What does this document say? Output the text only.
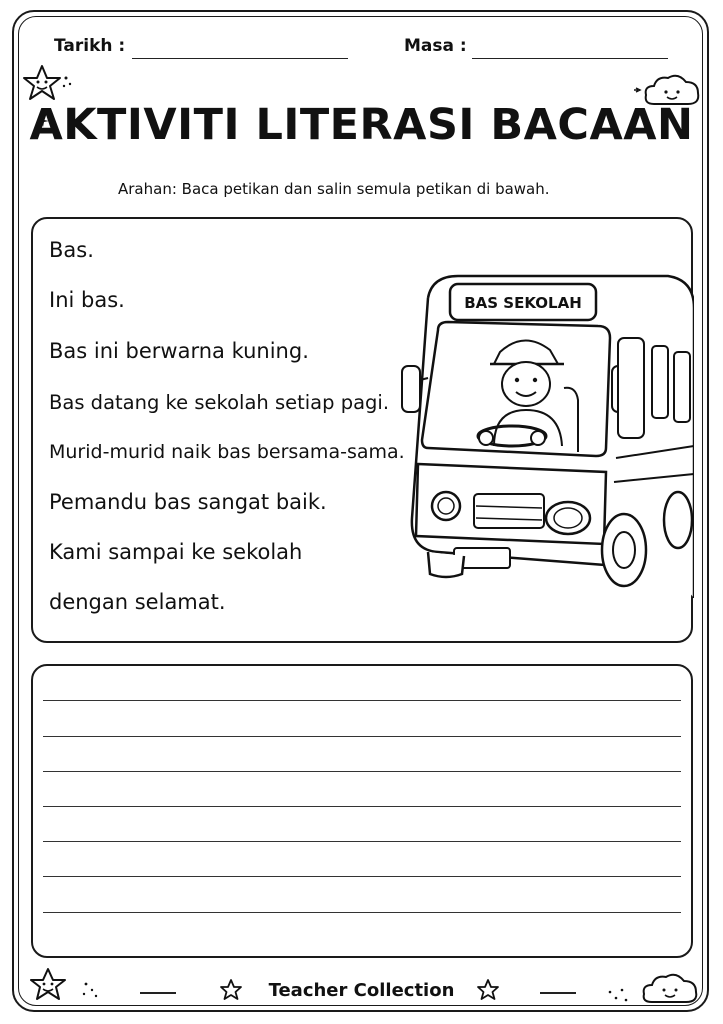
Tarikh :	Masa :
AKTIVITI LITERASI BACAAN
Arahan: Baca petikan dan salin semula petikan di bawah.
Bas.
Ini bas.
Bas ini berwarna kuning.
Bas datang ke sekolah setiap pagi.
Murid-murid naik bas bersama-sama.
Pemandu bas sangat baik.
Kami sampai ke sekolah
dengan selamat.
BAS SEKOLAH
Teacher Collection
